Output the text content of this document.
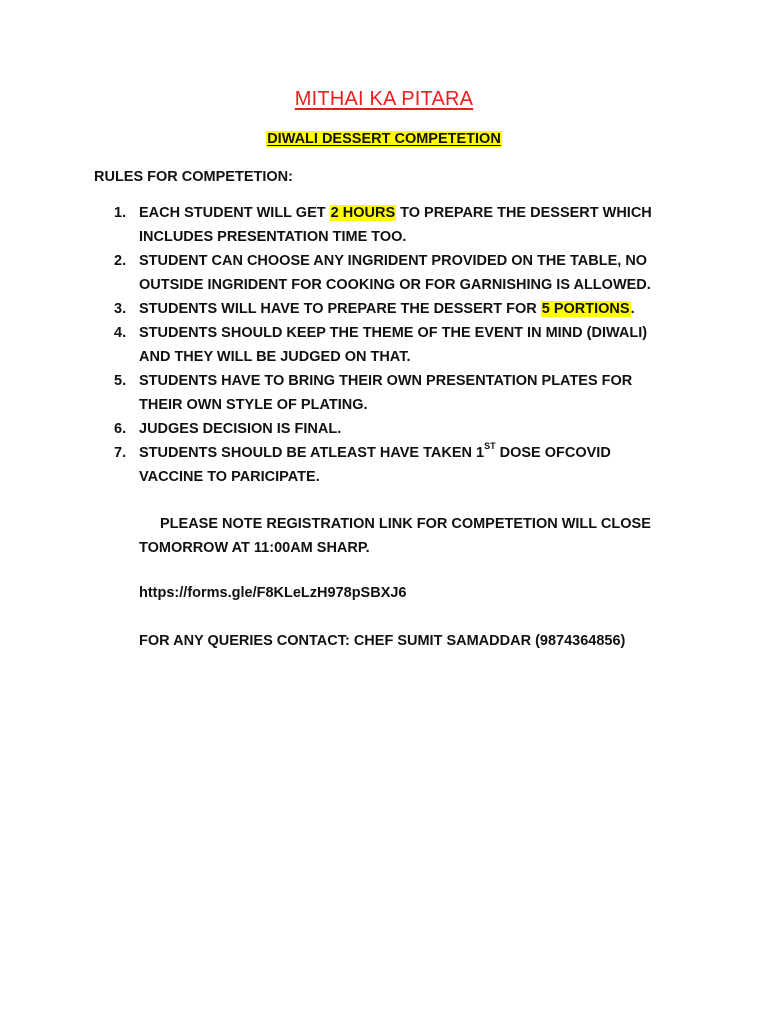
MITHAI KA PITARA
DIWALI DESSERT COMPETETION
RULES FOR COMPETETION:
1. EACH STUDENT WILL GET 2 HOURS TO PREPARE THE DESSERT WHICH INCLUDES PRESENTATION TIME TOO.
2. STUDENT CAN CHOOSE ANY INGRIDENT PROVIDED ON THE TABLE, NO OUTSIDE INGRIDENT FOR COOKING OR FOR GARNISHING IS ALLOWED.
3. STUDENTS WILL HAVE TO PREPARE THE DESSERT FOR 5 PORTIONS.
4. STUDENTS SHOULD KEEP THE THEME OF THE EVENT IN MIND (DIWALI) AND THEY WILL BE JUDGED ON THAT.
5. STUDENTS HAVE TO BRING THEIR OWN PRESENTATION PLATES FOR THEIR OWN STYLE OF PLATING.
6. JUDGES DECISION IS FINAL.
7. STUDENTS SHOULD BE ATLEAST HAVE TAKEN 1ST DOSE OFCOVID VACCINE TO PARICIPATE.

PLEASE NOTE REGISTRATION LINK FOR COMPETETION WILL CLOSE TOMORROW AT 11:00AM SHARP.

https://forms.gle/F8KLeLzH978pSBXJ6
FOR ANY QUERIES CONTACT: CHEF SUMIT SAMADDAR (9874364856)
